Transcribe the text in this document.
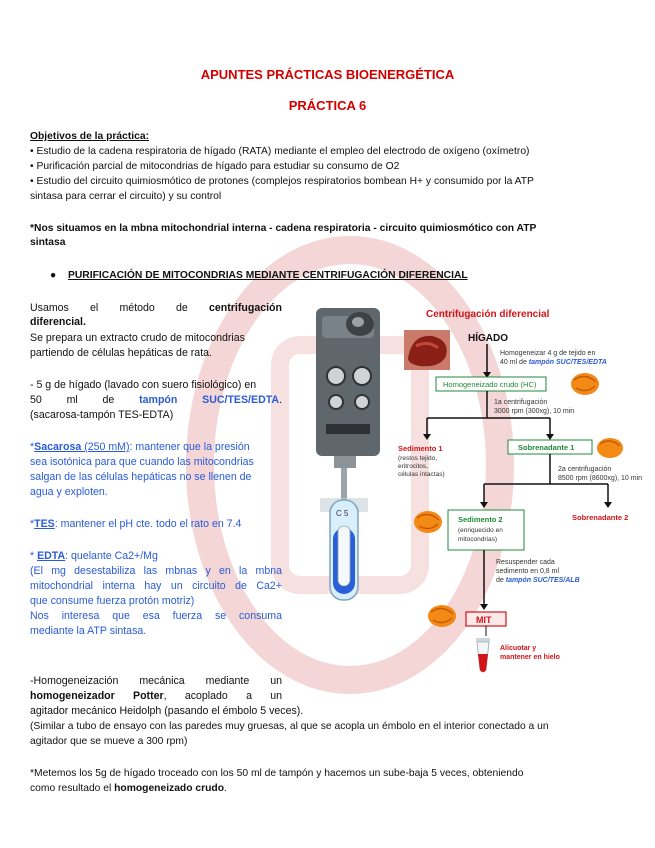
APUNTES PRÁCTICAS BIOENERGÉTICA
PRÁCTICA 6
Objetivos de la práctica:
• Estudio de la cadena respiratoria de hígado (RATA) mediante el empleo del electrodo de oxígeno (oxímetro)
• Purificación parcial de mitocondrias de hígado para estudiar su consumo de O2
• Estudio del circuito quimiosmótico de protones (complejos respiratorios bombean H+ y consumido por la ATP
sintasa para cerrar el circuito) y su control
*Nos situamos en la mbna mitochondrial interna - cadena respiratoria - circuito quimiosmótico con ATP
sintasa
● PURIFICACIÓN DE MITOCONDRIAS MEDIANTE CENTRIFUGACIÓN DIFERENCIAL
Usamos el método de centrifugación
diferencial.
Se prepara un extracto crudo de mitocondrias
partiendo de células hepáticas de rata.
- 5 g de hígado (lavado con suero fisiológico) en
50 ml de tampón SUC/TES/EDTA.
(sacarosa-tampón TES-EDTA)
*Sacarosa (250 mM): mantener que la presión
sea isotónica para que cuando las mitocondrias
salgan de las células hepáticas no se llenen de
agua y exploten.
*TES: mantener el pH cte. todo el rato en 7.4
* EDTA: quelante Ca2+/Mg
(El mg desestabiliza las mbnas y en la mbna
mitochondrial interna hay un circuito de Ca2+
que consume fuerza protón motriz)
Nos interesa que esa fuerza se consuma
mediante la ATP sintasa.
-Homogeneización mecánica mediante un
homogeneizador Potter, acoplado a un
agitador mecánico Heidolph (pasando el émbolo 5 veces).
(Similar a tubo de ensayo con las paredes muy gruesas, al que se acopla un émbolo en el interior conectado a un
agitador que se mueve a 300 rpm)
*Metemos los 5g de hígado troceado con los 50 ml de tampón y hacemos un sube-baja 5 veces, obteniendo
como resultado el homogeneizado crudo.
C 5
Centrifugación diferencial
HÍGADO
Homogeneizar 4 g de tejido en
40 ml de tampón SUC/TES/EDTA
Homogeneizado crudo (HC)
1a centrifugación
3000 rpm (300xg), 10 min
Sedimento 1
(restos tejido,
eritrocitos,
células intactas)
Sobrenadante 1
2a centrifugación
8500 rpm (8600xg), 10 min
Sedimento 2
(enriquecido en
mitocondrias)
Sobrenadante 2
Resuspender cada
sedimento en 0,8 ml
de tampón SUC/TES/ALB
MIT
Alícuotar y
mantener en hielo
